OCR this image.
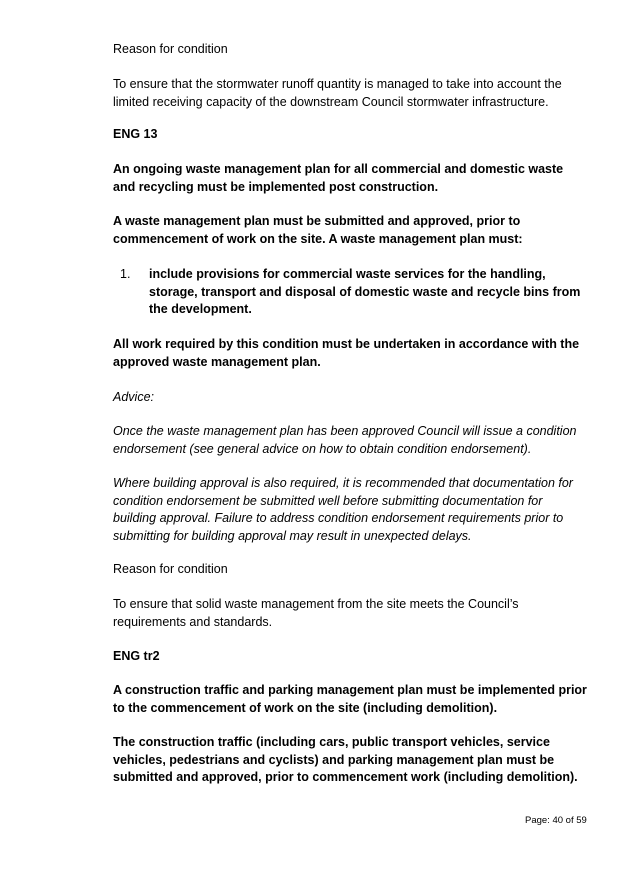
Reason for condition

To ensure that the stormwater runoff quantity is managed to take into account the limited receiving capacity of the downstream Council stormwater infrastructure.

ENG 13

An ongoing waste management plan for all commercial and domestic waste and recycling must be implemented post construction.

A waste management plan must be submitted and approved, prior to commencement of work on the site. A waste management plan must:

1. include provisions for commercial waste services for the handling, storage, transport and disposal of domestic waste and recycle bins from the development.

All work required by this condition must be undertaken in accordance with the approved waste management plan.

Advice:

Once the waste management plan has been approved Council will issue a condition endorsement (see general advice on how to obtain condition endorsement).

Where building approval is also required, it is recommended that documentation for condition endorsement be submitted well before submitting documentation for building approval. Failure to address condition endorsement requirements prior to submitting for building approval may result in unexpected delays.

Reason for condition

To ensure that solid waste management from the site meets the Council’s requirements and standards.

ENG tr2

A construction traffic and parking management plan must be implemented prior to the commencement of work on the site (including demolition).

The construction traffic (including cars, public transport vehicles, service vehicles, pedestrians and cyclists) and parking management plan must be submitted and approved, prior to commencement work (including demolition).

Page: 40 of 59
